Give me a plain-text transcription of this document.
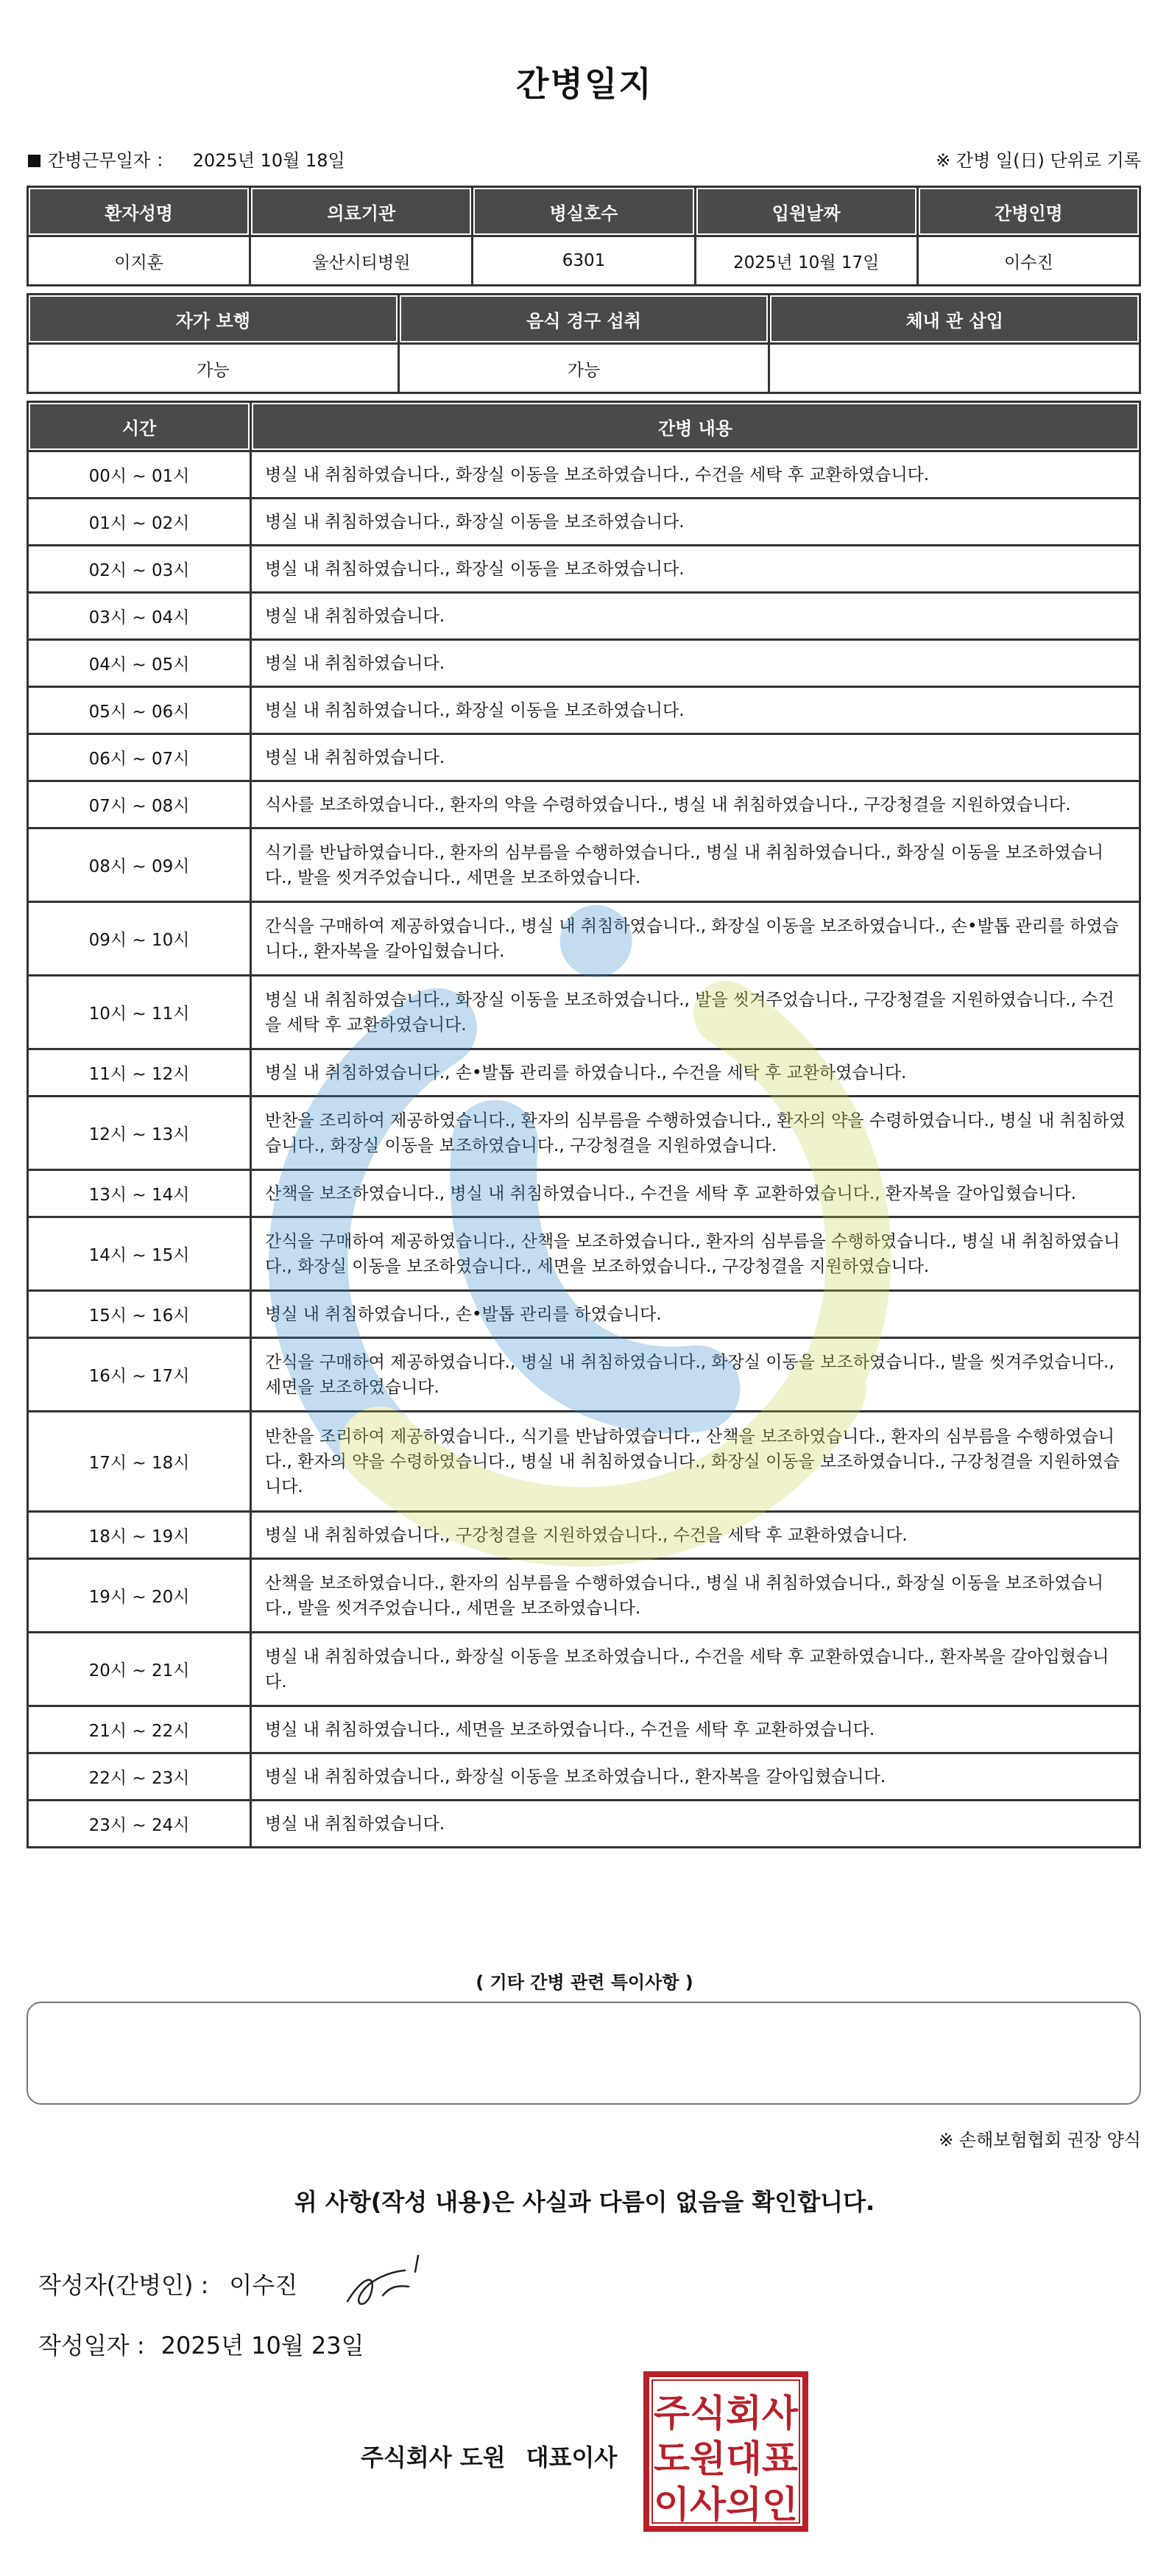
간병일지
간병근무일자 ： 2025년 10월 18일	※ 간병 일(日) 단위로 기록
환자성명	의료기관	병실호수	입원날짜	간병인명
이지훈	울산시티병원	6301	2025년 10월 17일	이수진
자가 보행	음식 경구 섭취	체내 관 삽입
가능	가능	
시간	간병 내용
00시 ~ 01시	병실 내 취침하였습니다., 화장실 이동을 보조하였습니다., 수건을 세탁 후 교환하였습니다.
01시 ~ 02시	병실 내 취침하였습니다., 화장실 이동을 보조하였습니다.
02시 ~ 03시	병실 내 취침하였습니다., 화장실 이동을 보조하였습니다.
03시 ~ 04시	병실 내 취침하였습니다.
04시 ~ 05시	병실 내 취침하였습니다.
05시 ~ 06시	병실 내 취침하였습니다., 화장실 이동을 보조하였습니다.
06시 ~ 07시	병실 내 취침하였습니다.
07시 ~ 08시	식사를 보조하였습니다., 환자의 약을 수령하였습니다., 병실 내 취침하였습니다., 구강청결을 지원하였습니다.
08시 ~ 09시	식기를 반납하였습니다., 환자의 심부름을 수행하였습니다., 병실 내 취침하였습니다., 화장실 이동을 보조하였습니다., 발을 씻겨주었습니다., 세면을 보조하였습니다.
09시 ~ 10시	간식을 구매하여 제공하였습니다., 병실 내 취침하였습니다., 화장실 이동을 보조하였습니다., 손•발톱 관리를 하였습니다., 환자복을 갈아입혔습니다.
10시 ~ 11시	병실 내 취침하였습니다., 화장실 이동을 보조하였습니다., 발을 씻겨주었습니다., 구강청결을 지원하였습니다., 수건을 세탁 후 교환하였습니다.
11시 ~ 12시	병실 내 취침하였습니다., 손•발톱 관리를 하였습니다., 수건을 세탁 후 교환하였습니다.
12시 ~ 13시	반찬을 조리하여 제공하였습니다., 환자의 심부름을 수행하였습니다., 환자의 약을 수령하였습니다., 병실 내 취침하였습니다., 화장실 이동을 보조하였습니다., 구강청결을 지원하였습니다.
13시 ~ 14시	산책을 보조하였습니다., 병실 내 취침하였습니다., 수건을 세탁 후 교환하였습니다., 환자복을 갈아입혔습니다.
14시 ~ 15시	간식을 구매하여 제공하였습니다., 산책을 보조하였습니다., 환자의 심부름을 수행하였습니다., 병실 내 취침하였습니다., 화장실 이동을 보조하였습니다., 세면을 보조하였습니다., 구강청결을 지원하였습니다.
15시 ~ 16시	병실 내 취침하였습니다., 손•발톱 관리를 하였습니다.
16시 ~ 17시	간식을 구매하여 제공하였습니다., 병실 내 취침하였습니다., 화장실 이동을 보조하였습니다., 발을 씻겨주었습니다., 세면을 보조하였습니다.
17시 ~ 18시	반찬을 조리하여 제공하였습니다., 식기를 반납하였습니다., 산책을 보조하였습니다., 환자의 심부름을 수행하였습니다., 환자의 약을 수령하였습니다., 병실 내 취침하였습니다., 화장실 이동을 보조하였습니다., 구강청결을 지원하였습니다.
18시 ~ 19시	병실 내 취침하였습니다., 구강청결을 지원하였습니다., 수건을 세탁 후 교환하였습니다.
19시 ~ 20시	산책을 보조하였습니다., 환자의 심부름을 수행하였습니다., 병실 내 취침하였습니다., 화장실 이동을 보조하였습니다., 발을 씻겨주었습니다., 세면을 보조하였습니다.
20시 ~ 21시	병실 내 취침하였습니다., 화장실 이동을 보조하였습니다., 수건을 세탁 후 교환하였습니다., 환자복을 갈아입혔습니다.
21시 ~ 22시	병실 내 취침하였습니다., 세면을 보조하였습니다., 수건을 세탁 후 교환하였습니다.
22시 ~ 23시	병실 내 취침하였습니다., 화장실 이동을 보조하였습니다., 환자복을 갈아입혔습니다.
23시 ~ 24시	병실 내 취침하였습니다.
( 기타 간병 관련 특이사항 )
※ 손해보험협회 권장 양식
위 사항(작성 내용)은 사실과 다름이 없음을 확인합니다.
작성자(간병인) : 이수진
작성일자 : 2025년 10월 23일
주식회사 도원 대표이사
주식회사
도원대표
이사의인
